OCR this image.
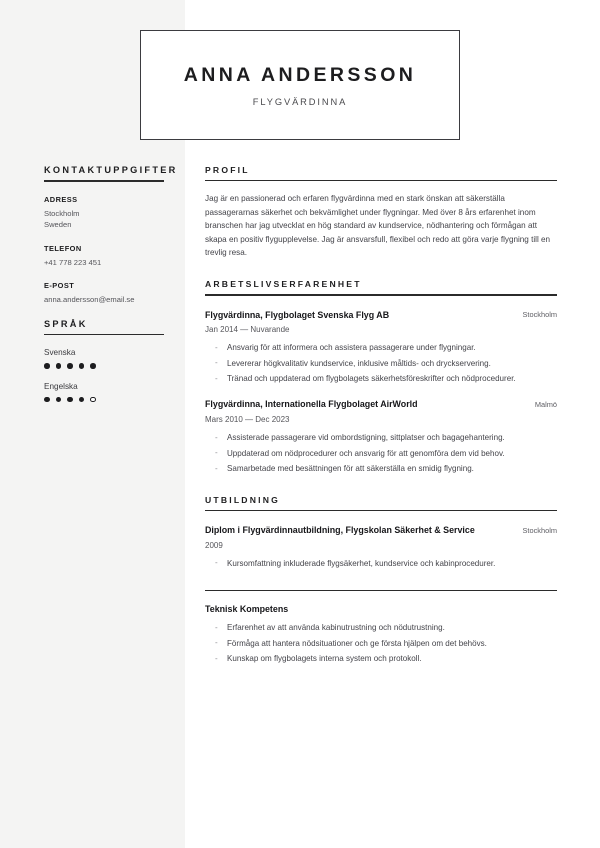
ANNA ANDERSSON
FLYGVÄRDINNA
KONTAKTUPPGIFTER
ADRESS
Stockholm
Sweden
TELEFON
+41 778 223 451
E-POST
anna.andersson@email.se
SPRÅK
Svenska
Engelska
PROFIL
Jag är en passionerad och erfaren flygvärdinna med en stark önskan att säkerställa passagerarnas säkerhet och bekvämlighet under flygningar. Med över 8 års erfarenhet inom branschen har jag utvecklat en hög standard av kundservice, nödhantering och förmågan att skapa en positiv flygupplevelse. Jag är ansvarsfull, flexibel och redo att göra varje flygning till en trevlig resa.
ARBETSLIVSERFARENHET
Flygvärdinna, Flygbolaget Svenska Flyg AB	Stockholm
Jan 2014 — Nuvarande
- Ansvarig för att informera och assistera passagerare under flygningar.
- Levererar högkvalitativ kundservice, inklusive måltids- och dryckservering.
- Tränad och uppdaterad om flygbolagets säkerhetsföreskrifter och nödprocedurer.
Flygvärdinna, Internationella Flygbolaget AirWorld	Malmö
Mars 2010 — Dec 2023
- Assisterade passagerare vid ombordstigning, sittplatser och bagagehantering.
- Uppdaterad om nödprocedurer och ansvarig för att genomföra dem vid behov.
- Samarbetade med besättningen för att säkerställa en smidig flygning.
UTBILDNING
Diplom i Flygvärdinnautbildning, Flygskolan Säkerhet & Service	Stockholm
2009
- Kursomfattning inkluderade flygsäkerhet, kundservice och kabinprocedurer.
Teknisk Kompetens
- Erfarenhet av att använda kabinutrustning och nödutrustning.
- Förmåga att hantera nödsituationer och ge första hjälpen om det behövs.
- Kunskap om flygbolagets interna system och protokoll.
